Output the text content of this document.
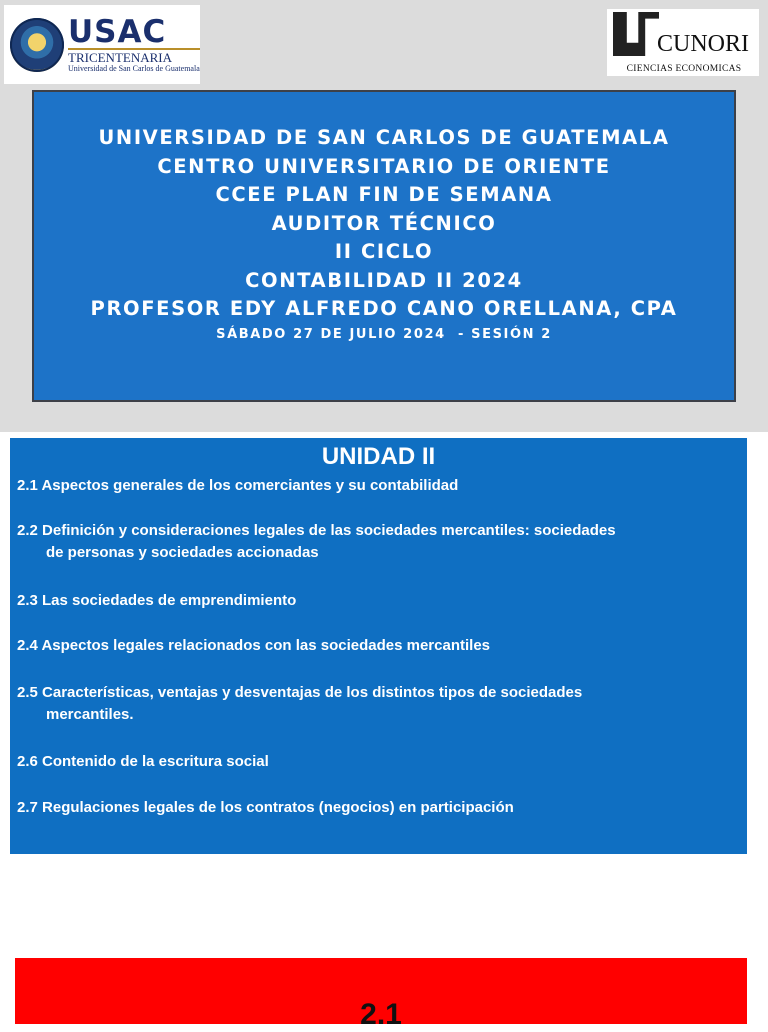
USAC
TRICENTENARIA
Universidad de San Carlos de Guatemala
CUNORI
CIENCIAS ECONOMICAS
UNIVERSIDAD DE SAN CARLOS DE GUATEMALA
CENTRO UNIVERSITARIO DE ORIENTE
CCEE PLAN FIN DE SEMANA
AUDITOR TÉCNICO
II CICLO
CONTABILIDAD II 2024
PROFESOR EDY ALFREDO CANO ORELLANA, CPA
SÁBADO 27 DE JULIO 2024  - SESIÓN 2
UNIDAD II
2.1 Aspectos generales de los comerciantes y su contabilidad
2.2 Definición y consideraciones legales de las sociedades mercantiles: sociedades
de personas y sociedades accionadas
2.3 Las sociedades de emprendimiento
2.4 Aspectos legales relacionados con las sociedades mercantiles
2.5 Características, ventajas y desventajas de los distintos tipos de sociedades
mercantiles.
2.6 Contenido de la escritura social
2.7 Regulaciones legales de los contratos (negocios) en participación
2.1
